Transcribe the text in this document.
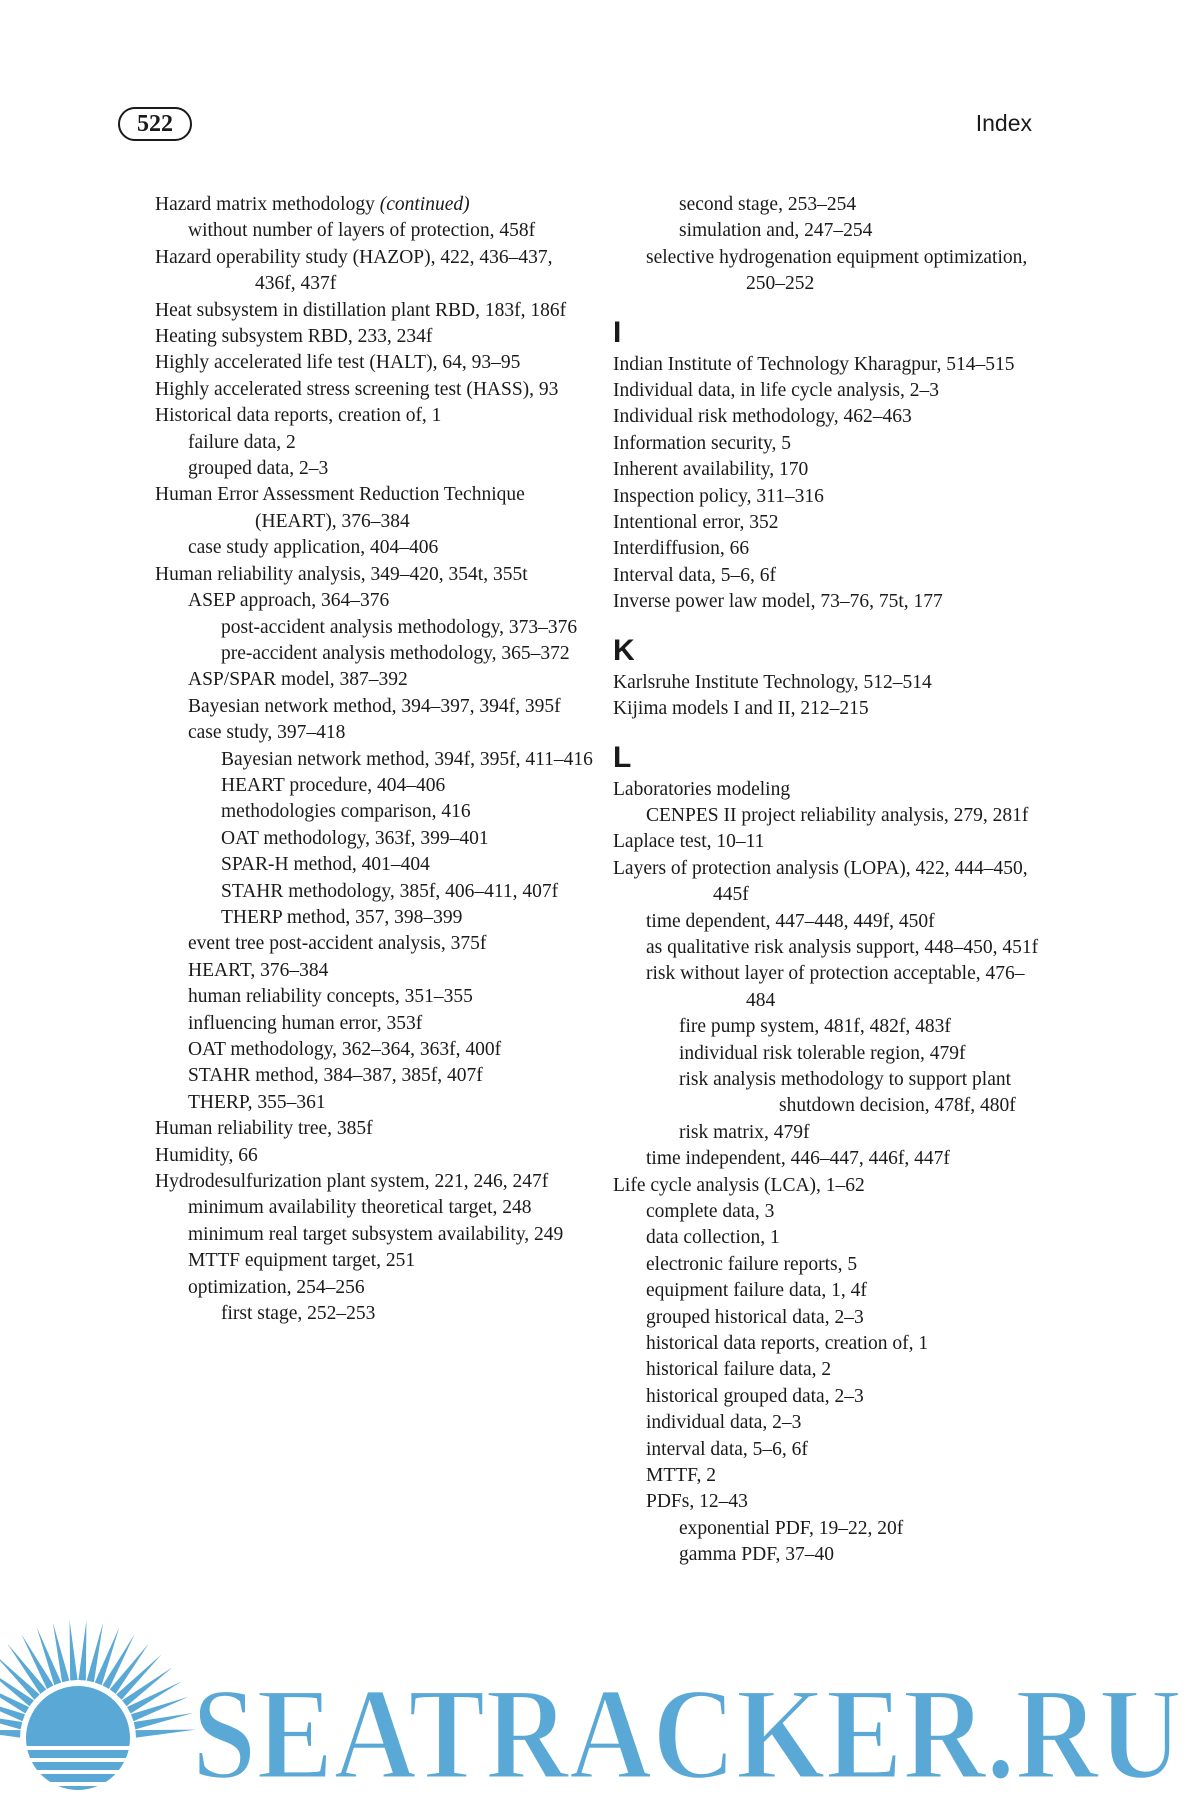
522	Index
Hazard matrix methodology (continued)
without number of layers of protection, 458f
Hazard operability study (HAZOP), 422, 436–437, 436f, 437f
Heat subsystem in distillation plant RBD, 183f, 186f
Heating subsystem RBD, 233, 234f
Highly accelerated life test (HALT), 64, 93–95
Highly accelerated stress screening test (HASS), 93
Historical data reports, creation of, 1
failure data, 2
grouped data, 2–3
Human Error Assessment Reduction Technique (HEART), 376–384
case study application, 404–406
Human reliability analysis, 349–420, 354t, 355t
ASEP approach, 364–376
post-accident analysis methodology, 373–376
pre-accident analysis methodology, 365–372
ASP/SPAR model, 387–392
Bayesian network method, 394–397, 394f, 395f
case study, 397–418
Bayesian network method, 394f, 395f, 411–416
HEART procedure, 404–406
methodologies comparison, 416
OAT methodology, 363f, 399–401
SPAR-H method, 401–404
STAHR methodology, 385f, 406–411, 407f
THERP method, 357, 398–399
event tree post-accident analysis, 375f
HEART, 376–384
human reliability concepts, 351–355
influencing human error, 353f
OAT methodology, 362–364, 363f, 400f
STAHR method, 384–387, 385f, 407f
THERP, 355–361
Human reliability tree, 385f
Humidity, 66
Hydrodesulfurization plant system, 221, 246, 247f
minimum availability theoretical target, 248
minimum real target subsystem availability, 249
MTTF equipment target, 251
optimization, 254–256
first stage, 252–253
second stage, 253–254
simulation and, 247–254
selective hydrogenation equipment optimization, 250–252
I
Indian Institute of Technology Kharagpur, 514–515
Individual data, in life cycle analysis, 2–3
Individual risk methodology, 462–463
Information security, 5
Inherent availability, 170
Inspection policy, 311–316
Intentional error, 352
Interdiffusion, 66
Interval data, 5–6, 6f
Inverse power law model, 73–76, 75t, 177
K
Karlsruhe Institute Technology, 512–514
Kijima models I and II, 212–215
L
Laboratories modeling
CENPES II project reliability analysis, 279, 281f
Laplace test, 10–11
Layers of protection analysis (LOPA), 422, 444–450, 445f
time dependent, 447–448, 449f, 450f
as qualitative risk analysis support, 448–450, 451f
risk without layer of protection acceptable, 476–484
fire pump system, 481f, 482f, 483f
individual risk tolerable region, 479f
risk analysis methodology to support plant shutdown decision, 478f, 480f
risk matrix, 479f
time independent, 446–447, 446f, 447f
Life cycle analysis (LCA), 1–62
complete data, 3
data collection, 1
electronic failure reports, 5
equipment failure data, 1, 4f
grouped historical data, 2–3
historical data reports, creation of, 1
historical failure data, 2
historical grouped data, 2–3
individual data, 2–3
interval data, 5–6, 6f
MTTF, 2
PDFs, 12–43
exponential PDF, 19–22, 20f
gamma PDF, 37–40
SEATRACKER.RU
